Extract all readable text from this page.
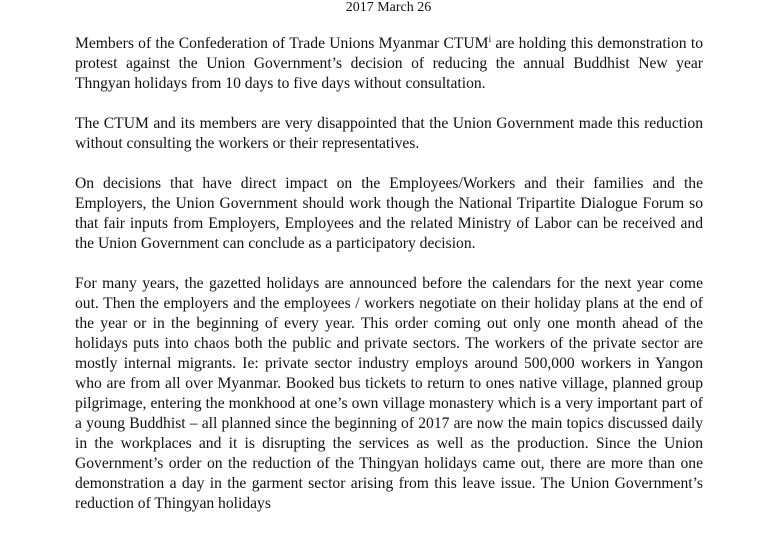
2017 March 26

Members of the Confederation of Trade Unions Myanmar CTUM$^i$ are holding this demonstration to protest against the Union Government’s decision of reducing the annual Buddhist New year Thngyan holidays from 10 days to five days without consultation.

The CTUM and its members are very disappointed that the Union Government made this reduction without consulting the workers or their representatives.

On decisions that have direct impact on the Employees/Workers and their families and the Employers, the Union Government should work though the National Tripartite Dialogue Forum so that fair inputs from Employers, Employees and the related Ministry of Labor can be received and the Union Government can conclude as a participatory decision.

For many years, the gazetted holidays are announced before the calendars for the next year come out. Then the employers and the employees / workers negotiate on their holiday plans at the end of the year or in the beginning of every year. This order coming out only one month ahead of the holidays puts into chaos both the public and private sectors. The workers of the private sector are mostly internal migrants. Ie: private sector industry employs around 500,000 workers in Yangon who are from all over Myanmar. Booked bus tickets to return to ones native village, planned group pilgrimage, entering the monkhood at one’s own village monastery which is a very important part of a young Buddhist – all planned since the beginning of 2017 are now the main topics discussed daily in the workplaces and it is disrupting the services as well as the production. Since the Union Government’s order on the reduction of the Thingyan holidays came out, there are more than one demonstration a day in the garment sector arising from this leave issue. The Union Government’s reduction of Thingyan holidays
